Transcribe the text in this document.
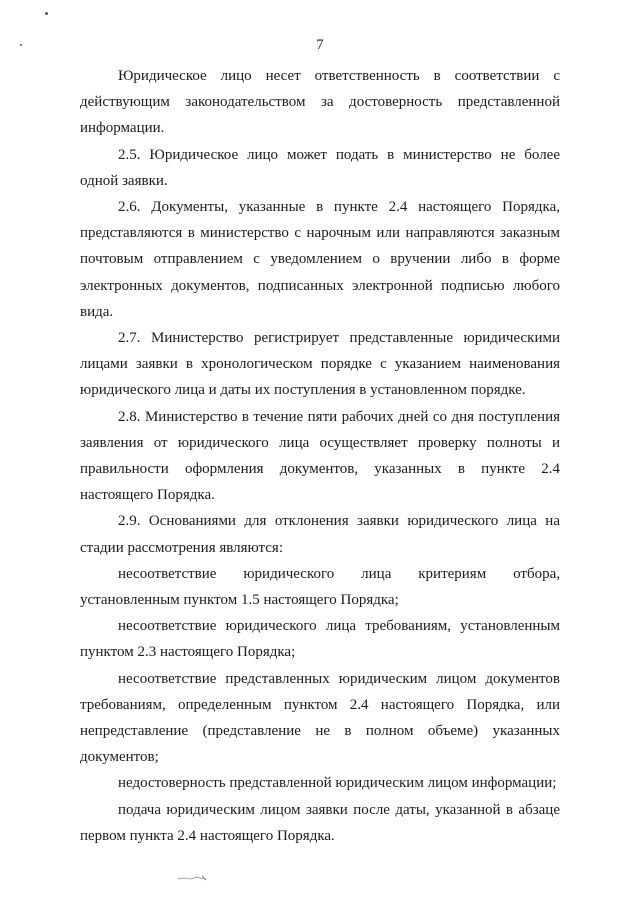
7

Юридическое лицо несет ответственность в соответствии с действующим законодательством за достоверность представленной информации.

2.5. Юридическое лицо может подать в министерство не более одной заявки.

2.6. Документы, указанные в пункте 2.4 настоящего Порядка, представляются в министерство с нарочным или направляются заказным почтовым отправлением с уведомлением о вручении либо в форме электронных документов, подписанных электронной подписью любого вида.

2.7. Министерство регистрирует представленные юридическими лицами заявки в хронологическом порядке с указанием наименования юридического лица и даты их поступления в установленном порядке.

2.8. Министерство в течение пяти рабочих дней со дня поступления заявления от юридического лица осуществляет проверку полноты и правильности оформления документов, указанных в пункте 2.4 настоящего Порядка.

2.9. Основаниями для отклонения заявки юридического лица на стадии рассмотрения являются:

несоответствие юридического лица критериям отбора, установленным пунктом 1.5 настоящего Порядка;

несоответствие юридического лица требованиям, установленным пунктом 2.3 настоящего Порядка;

несоответствие представленных юридическим лицом документов требованиям, определенным пунктом 2.4 настоящего Порядка, или непредставление (представление не в полном объеме) указанных документов;

недостоверность представленной юридическим лицом информации;

подача юридическим лицом заявки после даты, указанной в абзаце первом пункта 2.4 настоящего Порядка.
